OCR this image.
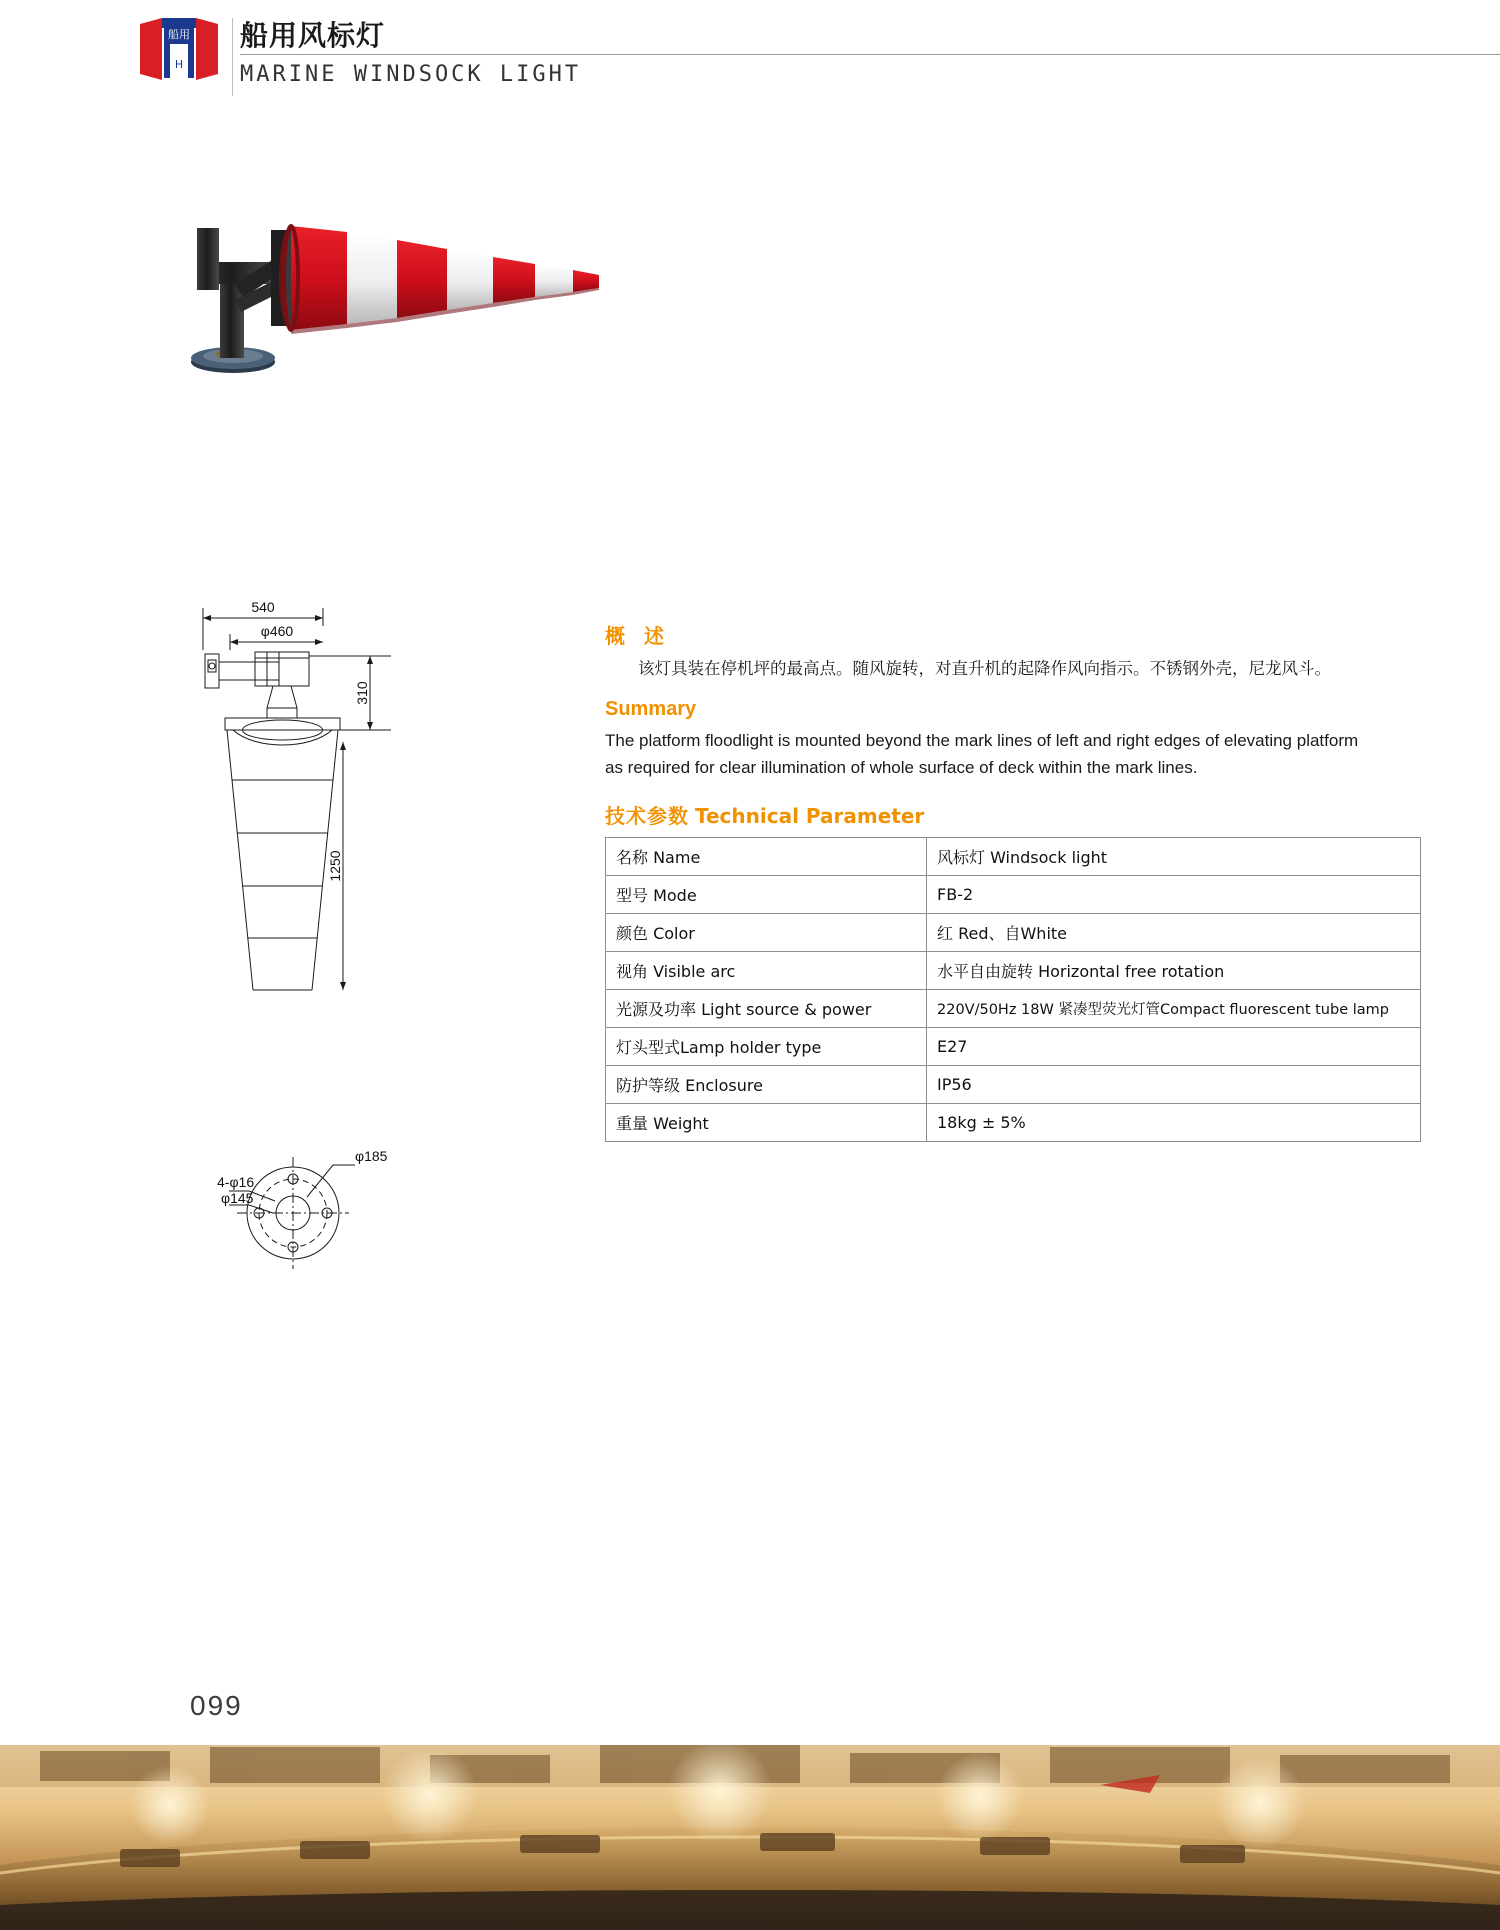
船用
H
船用风标灯
MARINE WINDSOCK LIGHT
540
φ460
310
1250
φ185
4-φ16
φ145
概 述

该灯具装在停机坪的最高点。随风旋转，对直升机的起降作风向指示。不锈钢外壳，尼龙风斗。

Summary

The platform floodlight is mounted beyond the mark lines of left and right edges of elevating platform as required for clear illumination of whole surface of deck within the mark lines.

技术参数 Technical Parameter
名称 Name	风标灯 Windsock light
型号 Mode	FB-2
颜色 Color	红 Red、自White
视角 Visible arc	水平自由旋转 Horizontal free rotation
光源及功率 Light source & power	220V/50Hz 18W 紧凑型荧光灯管Compact fluorescent tube lamp
灯头型式Lamp holder type	E27
防护等级 Enclosure	IP56
重量 Weight	18kg ± 5%
099
